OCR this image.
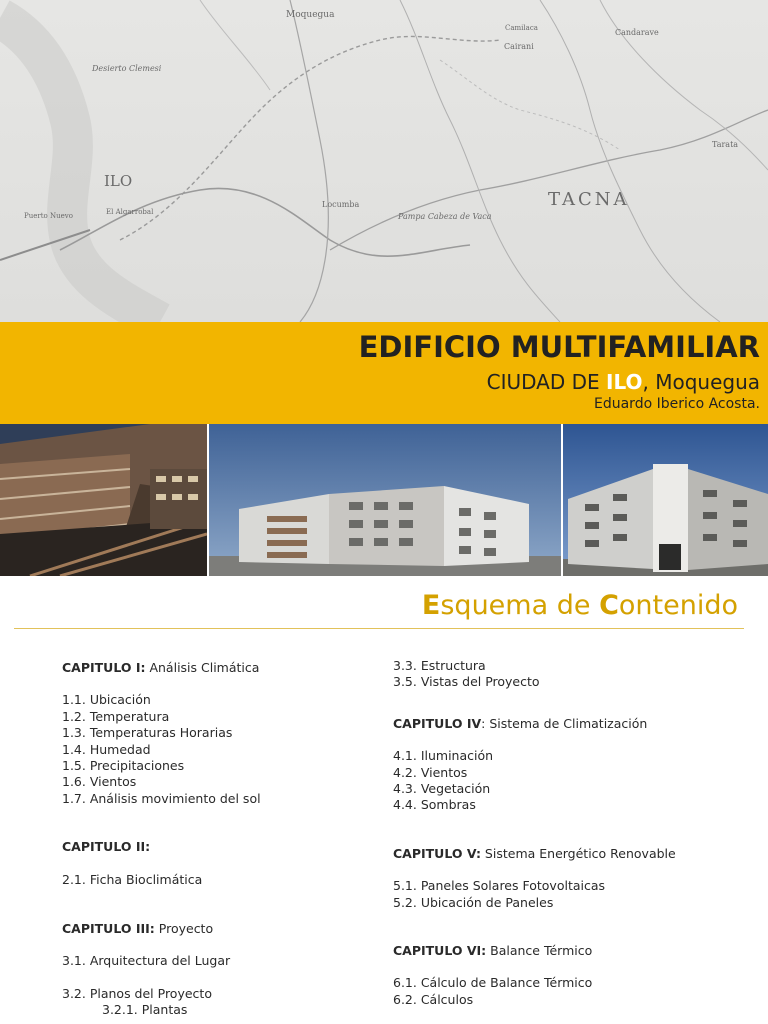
ILO
TACNA
Moquegua
Locumba
Cairani
Candarave
Tarata
Camilaca
Pampa Cabeza de Vaca
Desierto Clemesi
El Algarrobal
Puerto Nuevo
EDIFICIO MULTIFAMILIAR
CIUDAD DE ILO, Moquegua
Eduardo Iberico Acosta.
Esquema de Contenido
CAPITULO I: Análisis Climática
1.1. Ubicación
1.2. Temperatura
1.3. Temperaturas Horarias
1.4. Humedad
1.5. Precipitaciones
1.6. Vientos
1.7. Análisis movimiento del sol
CAPITULO II:
2.1. Ficha Bioclimática
CAPITULO III: Proyecto
3.1. Arquitectura del Lugar
3.2. Planos del Proyecto
3.2.1. Plantas
3.3. Estructura
3.5. Vistas del Proyecto
CAPITULO IV: Sistema de Climatización
4.1. Iluminación
4.2. Vientos
4.3. Vegetación
4.4. Sombras
CAPITULO V: Sistema Energético Renovable
5.1. Paneles Solares Fotovoltaicas
5.2. Ubicación de Paneles
CAPITULO VI: Balance Térmico
6.1. Cálculo de Balance Térmico
6.2. Cálculos
